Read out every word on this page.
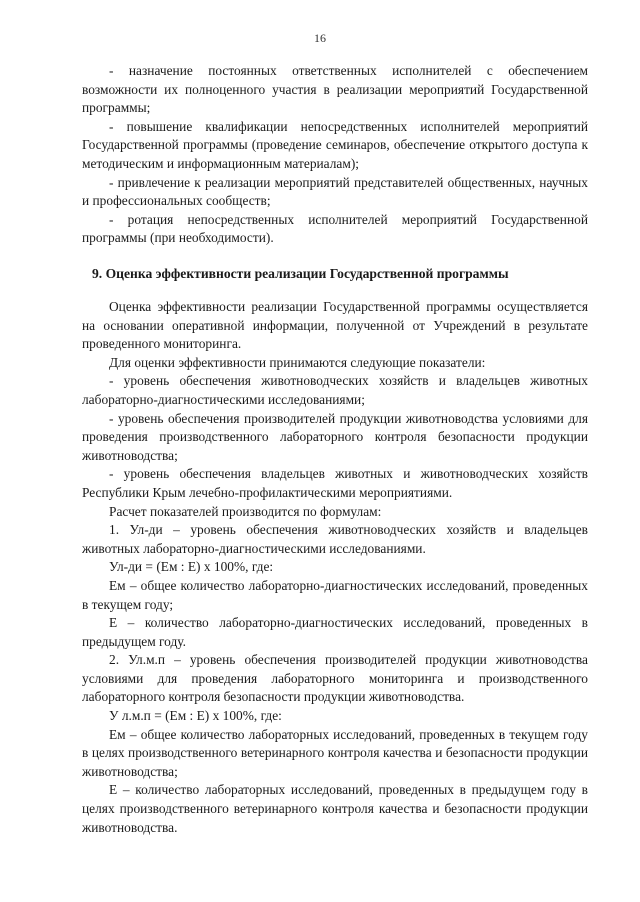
16

- назначение постоянных ответственных исполнителей с обеспечением возможности их полноценного участия в реализации мероприятий Государственной программы;

- повышение квалификации непосредственных исполнителей мероприятий Государственной программы (проведение семинаров, обеспечение открытого доступа к методическим и информационным материалам);

- привлечение к реализации мероприятий представителей общественных, научных и профессиональных сообществ;

- ротация непосредственных исполнителей мероприятий Государственной программы (при необходимости).

9. Оценка эффективности реализации Государственной программы

Оценка эффективности реализации Государственной программы осуществляется на основании оперативной информации, полученной от Учреждений в результате проведенного мониторинга.

Для оценки эффективности принимаются следующие показатели:

- уровень обеспечения животноводческих хозяйств и владельцев животных лабораторно-диагностическими исследованиями;

- уровень обеспечения производителей продукции животноводства условиями для проведения производственного лабораторного контроля безопасности продукции животноводства;

- уровень обеспечения владельцев животных и животноводческих хозяйств Республики Крым лечебно-профилактическими мероприятиями.

Расчет показателей производится по формулам:

1. Ул-ди – уровень обеспечения животноводческих хозяйств и владельцев животных лабораторно-диагностическими исследованиями.

Ул-ди = (Ем : Е) х 100%, где:

Ем – общее количество лабораторно-диагностических исследований, проведенных в текущем году;

Е – количество лабораторно-диагностических исследований, проведенных в предыдущем году.

2. Ул.м.п – уровень обеспечения производителей продукции животноводства условиями для проведения лабораторного мониторинга и производственного лабораторного контроля безопасности продукции животноводства.

У л.м.п = (Ем : Е) х 100%, где:

Ем – общее количество лабораторных исследований, проведенных в текущем году в целях производственного ветеринарного контроля качества и безопасности продукции животноводства;

Е – количество лабораторных исследований, проведенных в предыдущем году в целях производственного ветеринарного контроля качества и безопасности продукции животноводства.
